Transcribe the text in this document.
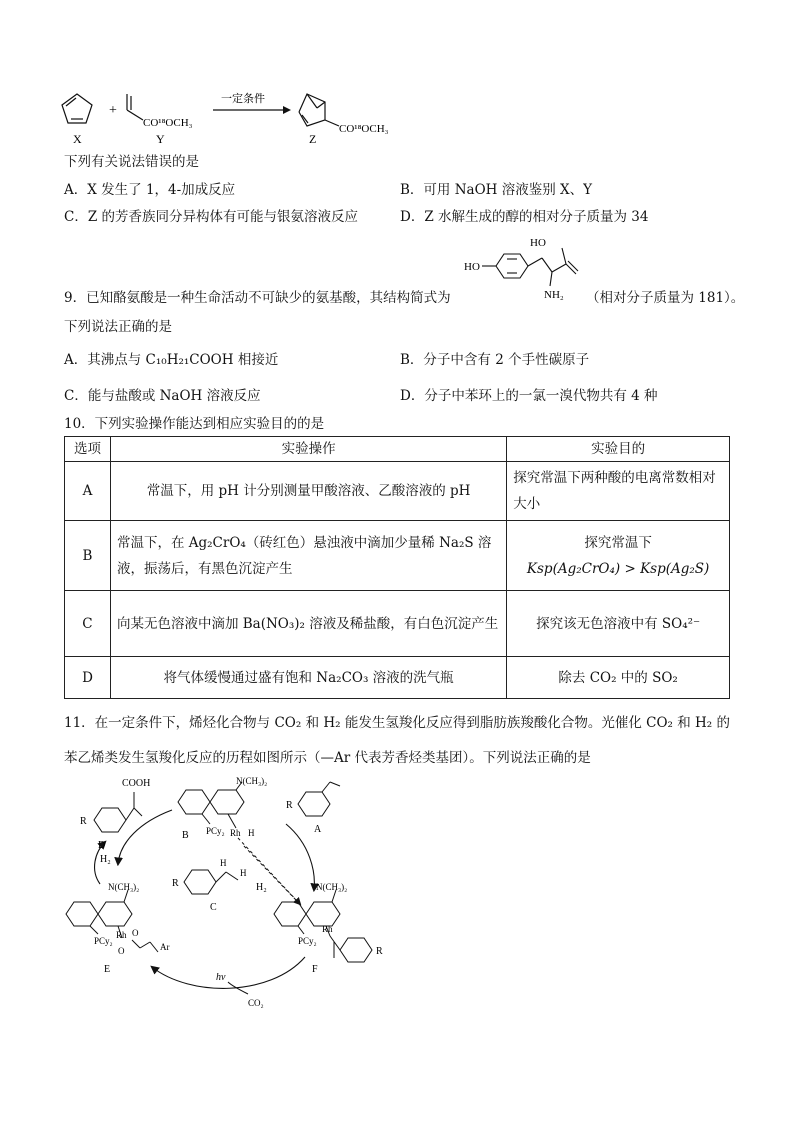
X
+
CO¹⁸OCH₃
Y
一定条件
CO¹⁸OCH₃
Z
下列有关说法错误的是
A．X 发生了 1，4-加成反应	B．可用 NaOH 溶液鉴别 X、Y
C．Z 的芳香族同分异构体有可能与银氨溶液反应	D．Z 水解生成的醇的相对分子质量为 34
HO
HO
NH₂
9．已知酪氨酸是一种生命活动不可缺少的氨基酸，其结构简式为	（相对分子质量为 181）。
下列说法正确的是
A．其沸点与 C₁₀H₂₁COOH 相接近	B．分子中含有 2 个手性碳原子
C．能与盐酸或 NaOH 溶液反应	D．分子中苯环上的一氯一溴代物共有 4 种
10．下列实验操作能达到相应实验目的的是
选项	实验操作	实验目的
A	常温下，用 pH 计分别测量甲酸溶液、乙酸溶液的 pH	探究常温下两种酸的电离常数相对大小
B	常温下，在 Ag₂CrO₄（砖红色）悬浊液中滴加少量稀 Na₂S 溶液，振荡后，有黑色沉淀产生	探究常温下
Ksp(Ag₂CrO₄) > Ksp(Ag₂S)

C	向某无色溶液中滴加 Ba(NO₃)₂ 溶液及稀盐酸，有白色沉淀产生	探究该无色溶液中有 SO₄²⁻
D	将气体缓慢通过盛有饱和 Na₂CO₃ 溶液的洗气瓶	除去 CO₂ 中的 SO₂
11．在一定条件下，烯烃化合物与 CO₂ 和 H₂ 能发生氢羧化反应得到脂肪族羧酸化合物。光催化 CO₂ 和 H₂ 的
苯乙烯类发生氢羧化反应的历程如图所示（—Ar 代表芳香烃类基团）。下列说法正确的是
COOH
R
D
H₂
N(CH₃)₂
PCy₂ Rh H
B
R
A
R
H
H
C
H₂
N(CH₃)₂
PCy₂
Rh O
O	Ar
E
N(CH₃)₂
PCy₂
Rh
R
F
hν
CO₂
